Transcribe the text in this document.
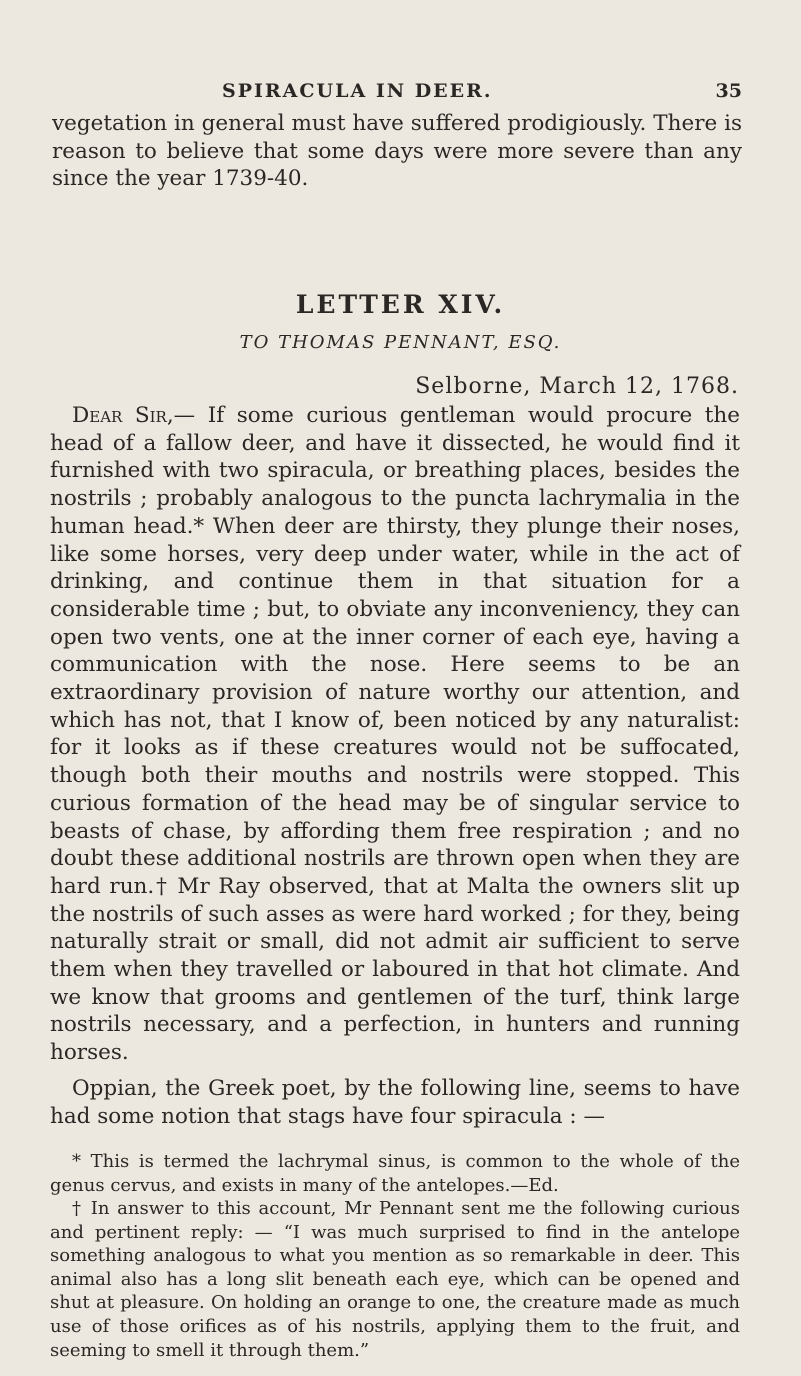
SPIRACULA IN DEER.	35
vegetation in general must have suffered prodigiously. There is reason to believe that some days were more severe than any since the year 1739-40.
LETTER XIV.
TO THOMAS PENNANT, ESQ.
Selborne, March 12, 1768.
Dear Sir,— If some curious gentleman would procure the head of a fallow deer, and have it dissected, he would find it furnished with two spiracula, or breathing places, besides the nostrils ; probably analogous to the puncta lachrymalia in the human head.* When deer are thirsty, they plunge their noses, like some horses, very deep under water, while in the act of drinking, and continue them in that situation for a considerable time ; but, to obviate any inconveniency, they can open two vents, one at the inner corner of each eye, having a communication with the nose. Here seems to be an extraordinary provision of nature worthy our attention, and which has not, that I know of, been noticed by any naturalist: for it looks as if these creatures would not be suffocated, though both their mouths and nostrils were stopped. This curious formation of the head may be of singular service to beasts of chase, by affording them free respiration ; and no doubt these additional nostrils are thrown open when they are hard run.† Mr Ray observed, that at Malta the owners slit up the nostrils of such asses as were hard worked ; for they, being naturally strait or small, did not admit air sufficient to serve them when they travelled or laboured in that hot climate. And we know that grooms and gentlemen of the turf, think large nostrils necessary, and a perfection, in hunters and running horses.
Oppian, the Greek poet, by the following line, seems to have had some notion that stags have four spiracula : —
* This is termed the lachrymal sinus, is common to the whole of the genus cervus, and exists in many of the antelopes.—Ed.
† In answer to this account, Mr Pennant sent me the following curious and pertinent reply: — “I was much surprised to find in the antelope something analogous to what you mention as so remarkable in deer. This animal also has a long slit beneath each eye, which can be opened and shut at pleasure. On holding an orange to one, the creature made as much use of those orifices as of his nostrils, applying them to the fruit, and seeming to smell it through them.”
